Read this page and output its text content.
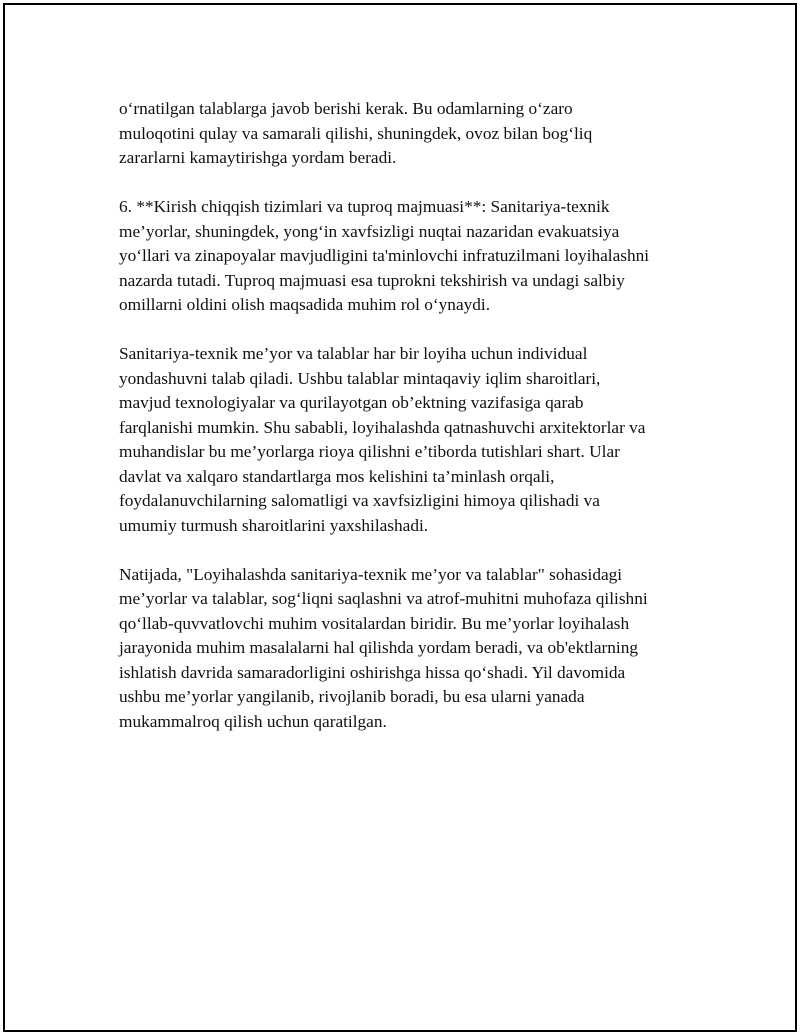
o‘rnatilgan talablarga javob berishi kerak. Bu odamlarning o‘zaro
muloqotini qulay va samarali qilishi, shuningdek, ovoz bilan bog‘liq
zararlarni kamaytirishga yordam beradi.

6. **Kirish chiqqish tizimlari va tuproq majmuasi**: Sanitariya-texnik
me’yorlar, shuningdek, yong‘in xavfsizligi nuqtai nazaridan evakuatsiya
yo‘llari va zinapoyalar mavjudligini ta'minlovchi infratuzilmani loyihalashni
nazarda tutadi. Tuproq majmuasi esa tuprokni tekshirish va undagi salbiy
omillarni oldini olish maqsadida muhim rol o‘ynaydi.

Sanitariya-texnik me’yor va talablar har bir loyiha uchun individual
yondashuvni talab qiladi. Ushbu talablar mintaqaviy iqlim sharoitlari,
mavjud texnologiyalar va qurilayotgan ob’ektning vazifasiga qarab
farqlanishi mumkin. Shu sababli, loyihalashda qatnashuvchi arxitektorlar va
muhandislar bu me’yorlarga rioya qilishni e’tiborda tutishlari shart. Ular
davlat va xalqaro standartlarga mos kelishini ta’minlash orqali,
foydalanuvchilarning salomatligi va xavfsizligini himoya qilishadi va
umumiy turmush sharoitlarini yaxshilashadi.

Natijada, "Loyihalashda sanitariya-texnik me’yor va talablar" sohasidagi
me’yorlar va talablar, sog‘liqni saqlashni va atrof-muhitni muhofaza qilishni
qo‘llab-quvvatlovchi muhim vositalardan biridir. Bu me’yorlar loyihalash
jarayonida muhim masalalarni hal qilishda yordam beradi, va ob'ektlarning
ishlatish davrida samaradorligini oshirishga hissa qo‘shadi. Yil davomida
ushbu me’yorlar yangilanib, rivojlanib boradi, bu esa ularni yanada
mukammalroq qilish uchun qaratilgan.
